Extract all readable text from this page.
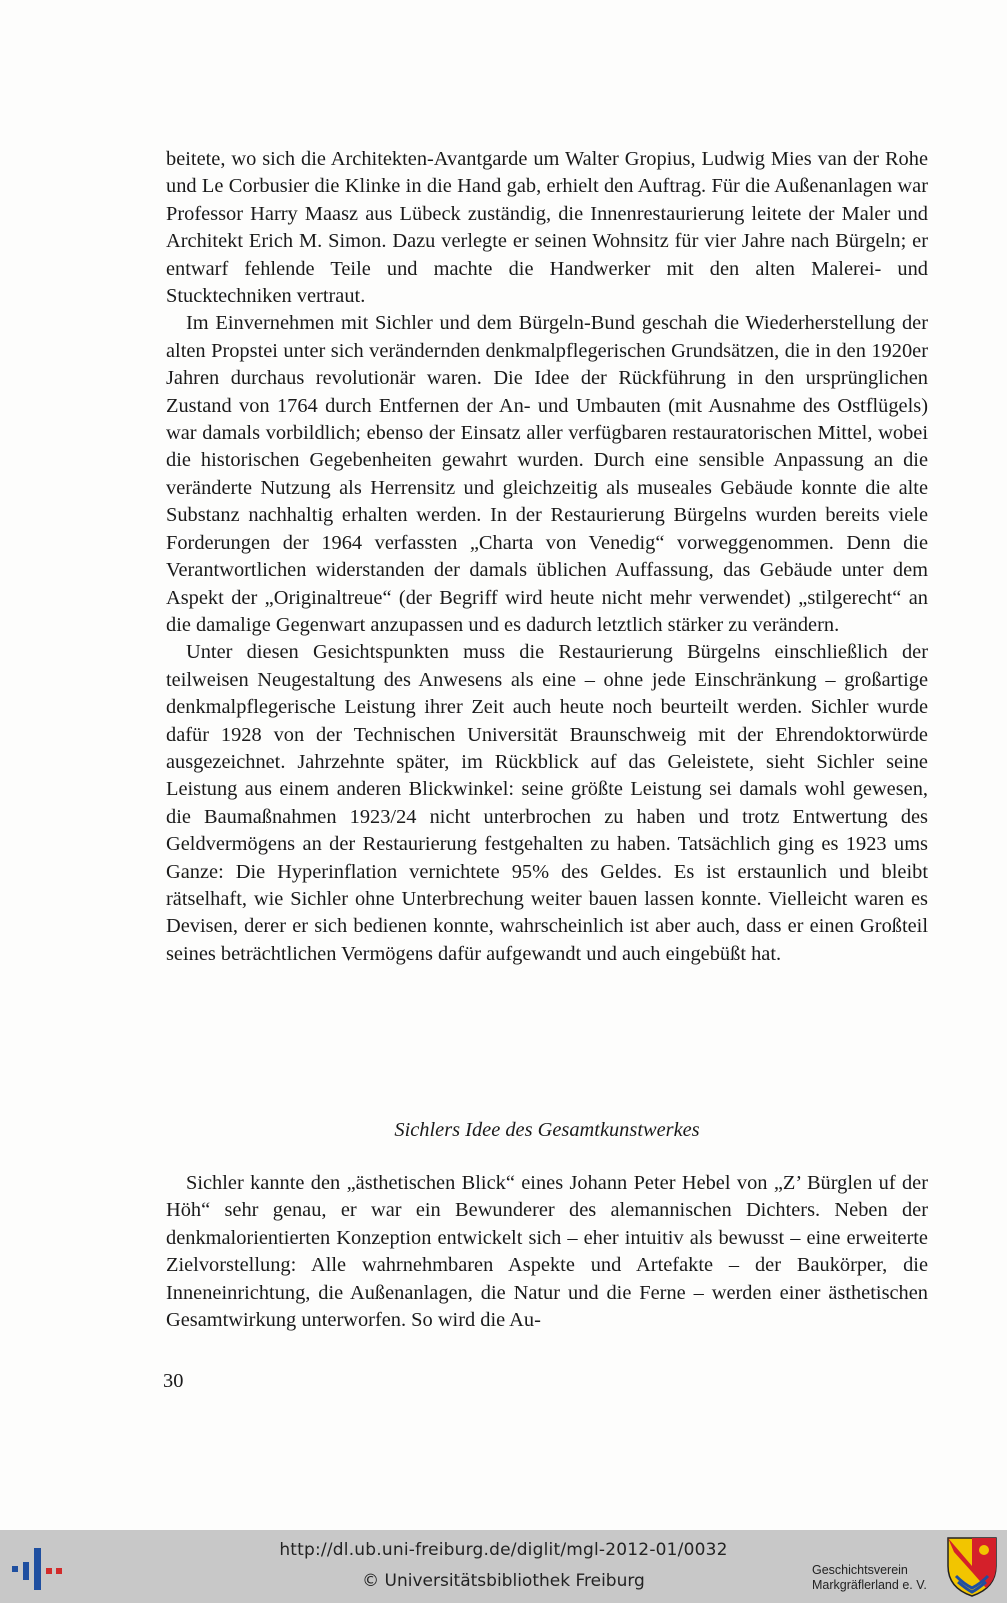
beitete, wo sich die Architekten-Avantgarde um Walter Gropius, Ludwig Mies van der Rohe und Le Corbusier die Klinke in die Hand gab, erhielt den Auftrag. Für die Außenanlagen war Professor Harry Maasz aus Lübeck zuständig, die Innenrestaurierung leitete der Maler und Architekt Erich M. Simon. Dazu verlegte er seinen Wohnsitz für vier Jahre nach Bürgeln; er entwarf fehlende Teile und machte die Handwerker mit den alten Malerei- und Stucktechniken vertraut.

Im Einvernehmen mit Sichler und dem Bürgeln-Bund geschah die Wiederherstellung der alten Propstei unter sich verändernden denkmalpflegerischen Grundsätzen, die in den 1920er Jahren durchaus revolutionär waren. Die Idee der Rückführung in den ursprünglichen Zustand von 1764 durch Entfernen der An- und Umbauten (mit Ausnahme des Ostflügels) war damals vorbildlich; ebenso der Einsatz aller verfügbaren restauratorischen Mittel, wobei die historischen Gegebenheiten gewahrt wurden. Durch eine sensible Anpassung an die veränderte Nutzung als Herrensitz und gleichzeitig als museales Gebäude konnte die alte Substanz nachhaltig erhalten werden. In der Restaurierung Bürgelns wurden bereits viele Forderungen der 1964 verfassten „Charta von Venedig“ vorweggenommen. Denn die Verantwortlichen widerstanden der damals üblichen Auffassung, das Gebäude unter dem Aspekt der „Originaltreue“ (der Begriff wird heute nicht mehr verwendet) „stilgerecht“ an die damalige Gegenwart anzupassen und es dadurch letztlich stärker zu verändern.

Unter diesen Gesichtspunkten muss die Restaurierung Bürgelns einschließlich der teilweisen Neugestaltung des Anwesens als eine – ohne jede Einschränkung – großartige denkmalpflegerische Leistung ihrer Zeit auch heute noch beurteilt werden. Sichler wurde dafür 1928 von der Technischen Universität Braunschweig mit der Ehrendoktorwürde ausgezeichnet. Jahrzehnte später, im Rückblick auf das Geleistete, sieht Sichler seine Leistung aus einem anderen Blickwinkel: seine größte Leistung sei damals wohl gewesen, die Baumaßnahmen 1923/24 nicht unterbrochen zu haben und trotz Entwertung des Geldvermögens an der Restaurierung festgehalten zu haben. Tatsächlich ging es 1923 ums Ganze: Die Hyperinflation vernichtete 95% des Geldes. Es ist erstaunlich und bleibt rätselhaft, wie Sichler ohne Unterbrechung weiter bauen lassen konnte. Vielleicht waren es Devisen, derer er sich bedienen konnte, wahrscheinlich ist aber auch, dass er einen Großteil seines beträchtlichen Vermögens dafür aufgewandt und auch eingebüßt hat.

Sichlers Idee des Gesamtkunstwerkes

Sichler kannte den „ästhetischen Blick“ eines Johann Peter Hebel von „Z’ Bürglen uf der Höh“ sehr genau, er war ein Bewunderer des alemannischen Dichters. Neben der denkmalorientierten Konzeption entwickelt sich – eher intuitiv als bewusst – eine erweiterte Zielvorstellung: Alle wahrnehmbaren Aspekte und Artefakte – der Baukörper, die Inneneinrichtung, die Außenanlagen, die Natur und die Ferne – werden einer ästhetischen Gesamtwirkung unterworfen. So wird die Au-

30
http://dl.ub.uni-freiburg.de/diglit/mgl-2012-01/0032
© Universitätsbibliothek Freiburg
Geschichtsverein
Markgräflerland e. V.
